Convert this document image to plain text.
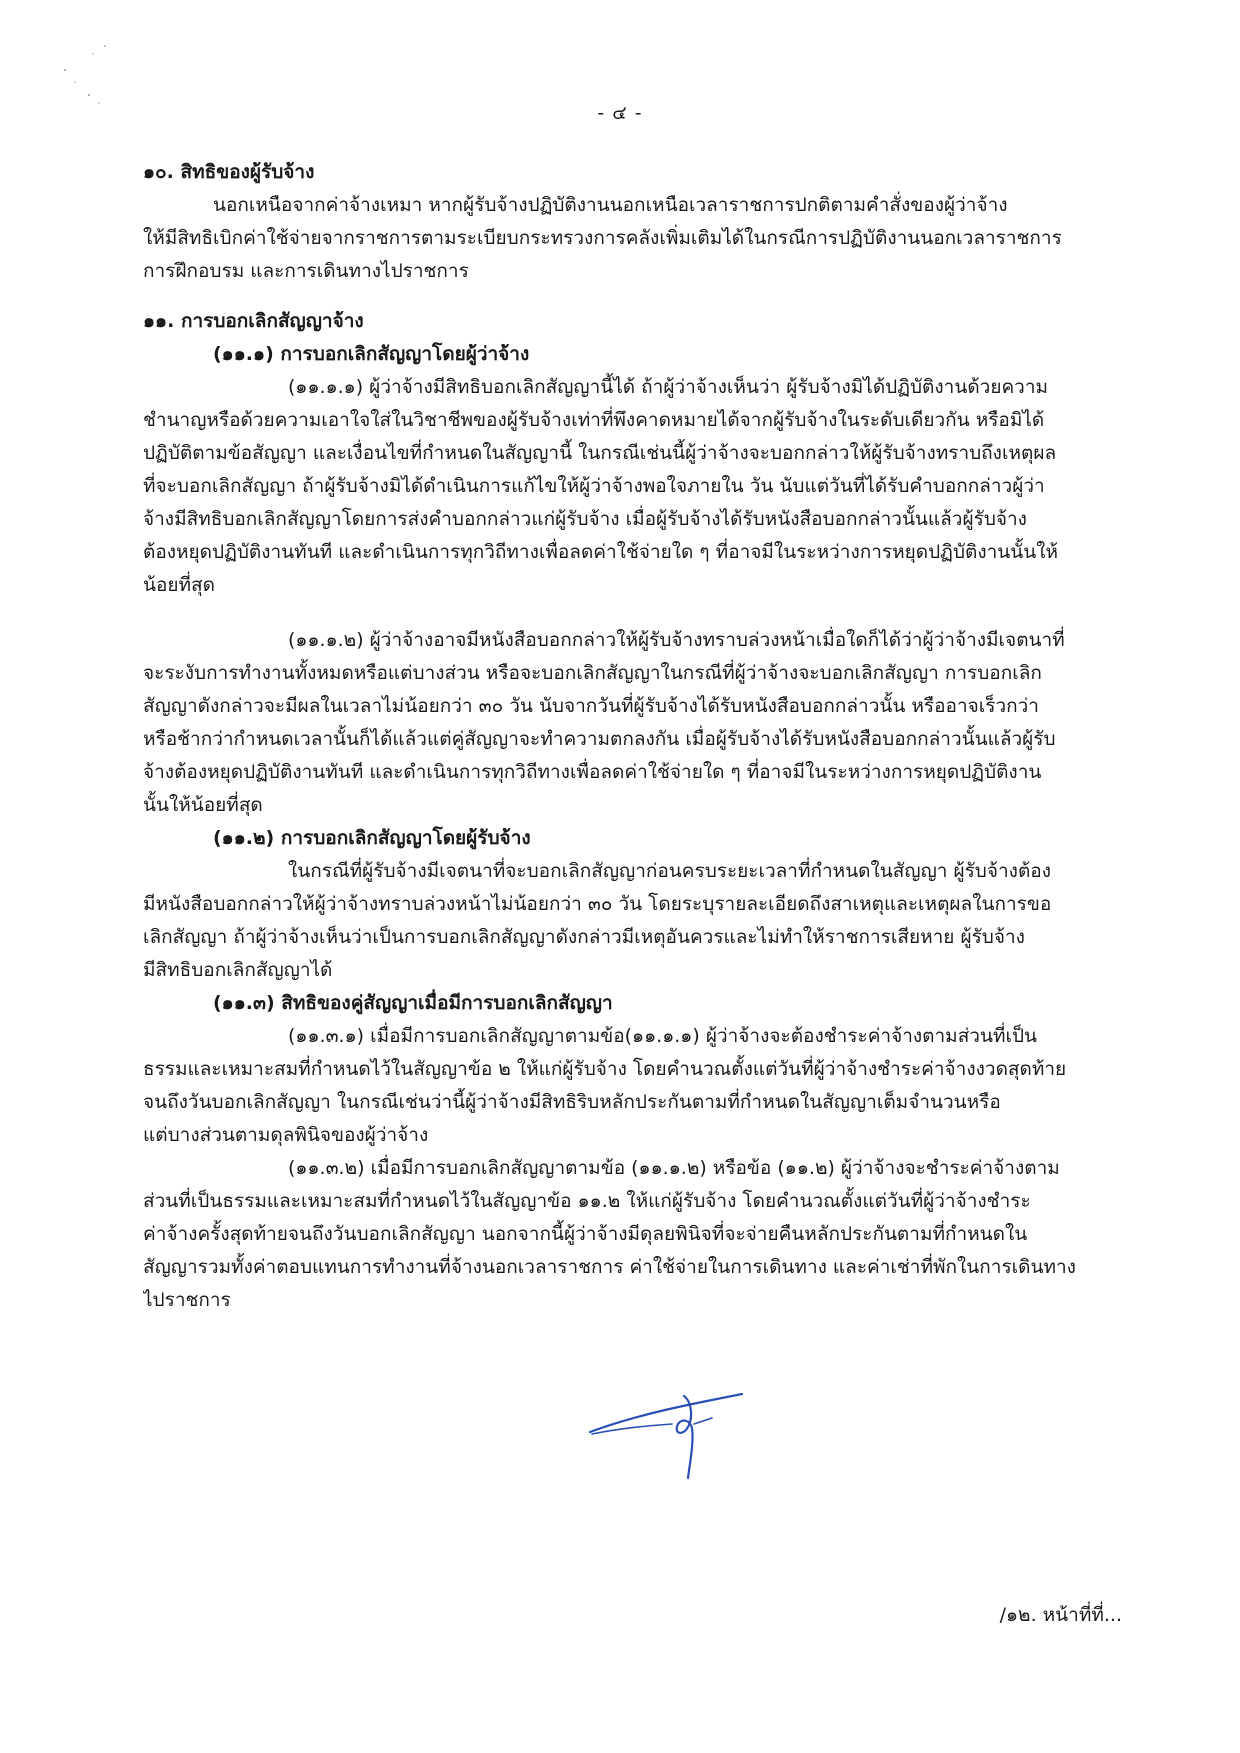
- ๔ -
๑๐. สิทธิของผู้รับจ้าง
นอกเหนือจากค่าจ้างเหมา หากผู้รับจ้างปฏิบัติงานนอกเหนือเวลาราชการปกติตามคำสั่งของผู้ว่าจ้าง
ให้มีสิทธิเบิกค่าใช้จ่ายจากราชการตามระเบียบกระทรวงการคลังเพิ่มเติมได้ในกรณีการปฏิบัติงานนอกเวลาราชการ
การฝึกอบรม และการเดินทางไปราชการ
๑๑. การบอกเลิกสัญญาจ้าง
(๑๑.๑) การบอกเลิกสัญญาโดยผู้ว่าจ้าง
(๑๑.๑.๑) ผู้ว่าจ้างมีสิทธิบอกเลิกสัญญานี้ได้ ถ้าผู้ว่าจ้างเห็นว่า ผู้รับจ้างมิได้ปฏิบัติงานด้วยความ
ชำนาญหรือด้วยความเอาใจใส่ในวิชาชีพของผู้รับจ้างเท่าที่พึงคาดหมายได้จากผู้รับจ้างในระดับเดียวกัน หรือมิได้
ปฏิบัติตามข้อสัญญา และเงื่อนไขที่กำหนดในสัญญานี้ ในกรณีเช่นนี้ผู้ว่าจ้างจะบอกกล่าวให้ผู้รับจ้างทราบถึงเหตุผล
ที่จะบอกเลิกสัญญา ถ้าผู้รับจ้างมิได้ดำเนินการแก้ไขให้ผู้ว่าจ้างพอใจภายใน วัน นับแต่วันที่ได้รับคำบอกกล่าวผู้ว่า
จ้างมีสิทธิบอกเลิกสัญญาโดยการส่งคำบอกกล่าวแก่ผู้รับจ้าง เมื่อผู้รับจ้างได้รับหนังสือบอกกล่าวนั้นแล้วผู้รับจ้าง
ต้องหยุดปฏิบัติงานทันที และดำเนินการทุกวิถีทางเพื่อลดค่าใช้จ่ายใด ๆ ที่อาจมีในระหว่างการหยุดปฏิบัติงานนั้นให้
น้อยที่สุด
(๑๑.๑.๒) ผู้ว่าจ้างอาจมีหนังสือบอกกล่าวให้ผู้รับจ้างทราบล่วงหน้าเมื่อใดก็ได้ว่าผู้ว่าจ้างมีเจตนาที่
จะระงับการทำงานทั้งหมดหรือแต่บางส่วน หรือจะบอกเลิกสัญญาในกรณีที่ผู้ว่าจ้างจะบอกเลิกสัญญา การบอกเลิก
สัญญาดังกล่าวจะมีผลในเวลาไม่น้อยกว่า ๓๐ วัน นับจากวันที่ผู้รับจ้างได้รับหนังสือบอกกล่าวนั้น หรืออาจเร็วกว่า
หรือช้ากว่ากำหนดเวลานั้นก็ได้แล้วแต่คู่สัญญาจะทำความตกลงกัน เมื่อผู้รับจ้างได้รับหนังสือบอกกล่าวนั้นแล้วผู้รับ
จ้างต้องหยุดปฏิบัติงานทันที และดำเนินการทุกวิถีทางเพื่อลดค่าใช้จ่ายใด ๆ ที่อาจมีในระหว่างการหยุดปฏิบัติงาน
นั้นให้น้อยที่สุด
(๑๑.๒) การบอกเลิกสัญญาโดยผู้รับจ้าง
ในกรณีที่ผู้รับจ้างมีเจตนาที่จะบอกเลิกสัญญาก่อนครบระยะเวลาที่กำหนดในสัญญา ผู้รับจ้างต้อง
มีหนังสือบอกกล่าวให้ผู้ว่าจ้างทราบล่วงหน้าไม่น้อยกว่า ๓๐ วัน โดยระบุรายละเอียดถึงสาเหตุและเหตุผลในการขอ
เลิกสัญญา ถ้าผู้ว่าจ้างเห็นว่าเป็นการบอกเลิกสัญญาดังกล่าวมีเหตุอันควรและไม่ทำให้ราชการเสียหาย ผู้รับจ้าง
มีสิทธิบอกเลิกสัญญาได้
(๑๑.๓) สิทธิของคู่สัญญาเมื่อมีการบอกเลิกสัญญา
(๑๑.๓.๑) เมื่อมีการบอกเลิกสัญญาตามข้อ(๑๑.๑.๑) ผู้ว่าจ้างจะต้องชำระค่าจ้างตามส่วนที่เป็น
ธรรมและเหมาะสมที่กำหนดไว้ในสัญญาข้อ ๒ ให้แก่ผู้รับจ้าง โดยคำนวณตั้งแต่วันที่ผู้ว่าจ้างชำระค่าจ้างงวดสุดท้าย
จนถึงวันบอกเลิกสัญญา ในกรณีเช่นว่านี้ผู้ว่าจ้างมีสิทธิริบหลักประกันตามที่กำหนดในสัญญาเต็มจำนวนหรือ
แต่บางส่วนตามดุลพินิจของผู้ว่าจ้าง
(๑๑.๓.๒) เมื่อมีการบอกเลิกสัญญาตามข้อ (๑๑.๑.๒) หรือข้อ (๑๑.๒) ผู้ว่าจ้างจะชำระค่าจ้างตาม
ส่วนที่เป็นธรรมและเหมาะสมที่กำหนดไว้ในสัญญาข้อ ๑๑.๒ ให้แก่ผู้รับจ้าง โดยคำนวณตั้งแต่วันที่ผู้ว่าจ้างชำระ
ค่าจ้างครั้งสุดท้ายจนถึงวันบอกเลิกสัญญา นอกจากนี้ผู้ว่าจ้างมีดุลยพินิจที่จะจ่ายคืนหลักประกันตามที่กำหนดใน
สัญญารวมทั้งค่าตอบแทนการทำงานที่จ้างนอกเวลาราชการ ค่าใช้จ่ายในการเดินทาง และค่าเช่าที่พักในการเดินทาง
ไปราชการ
/๑๒. หน้าที่ที่...
